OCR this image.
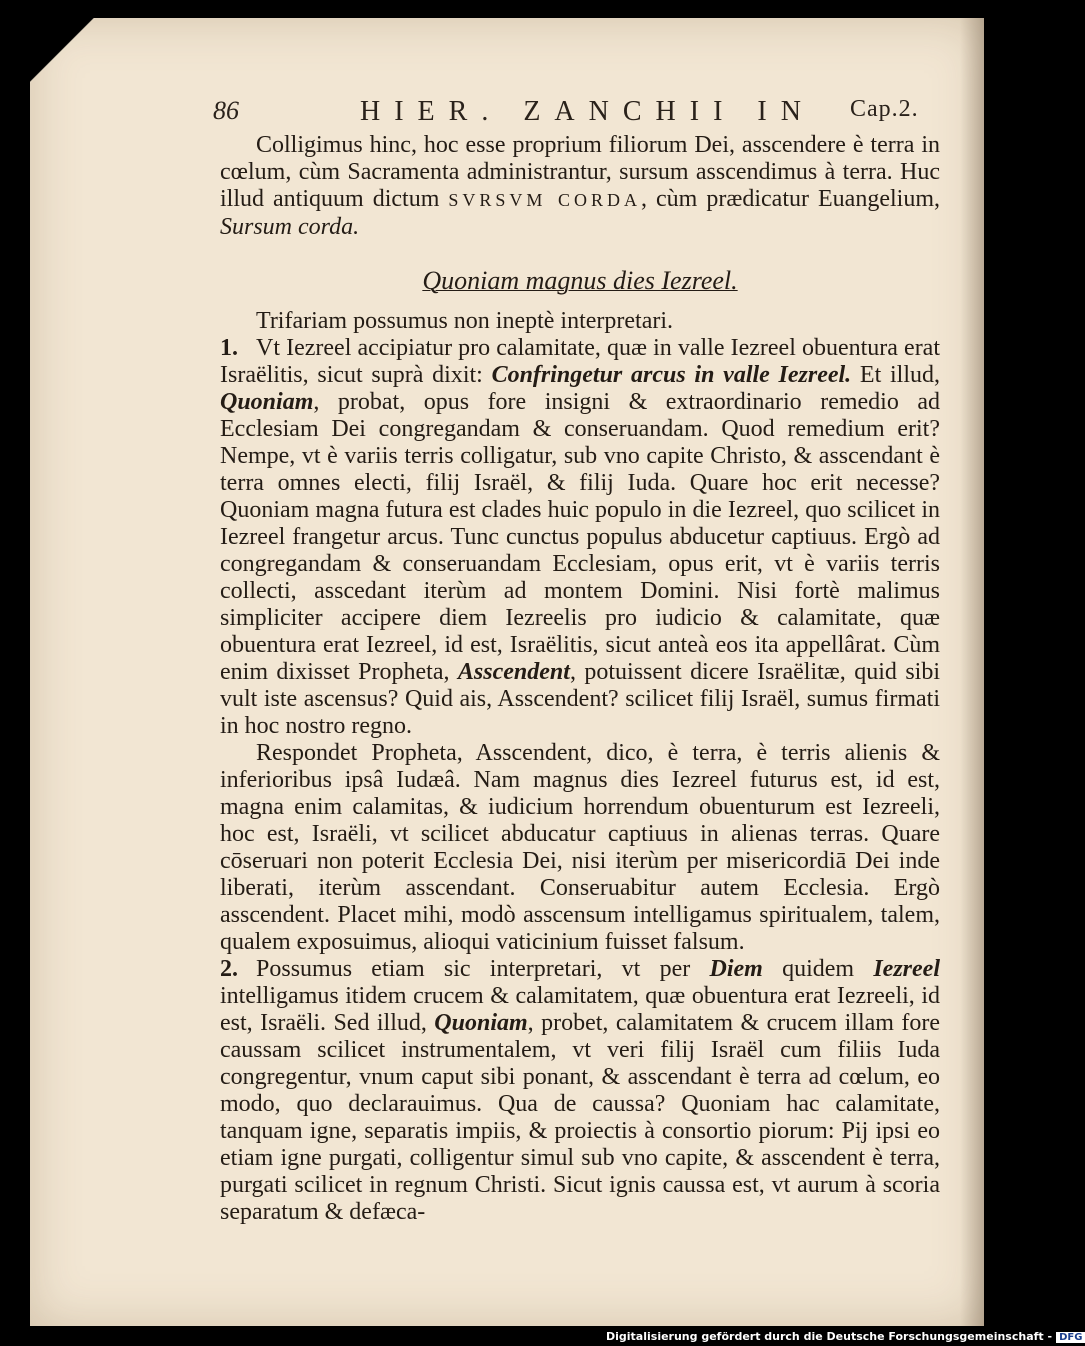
86	HIER. ZANCHII IN Cap.2.

Colligimus hinc, hoc esse proprium filiorum Dei, asscendere è terra in cœlum, cùm Sacramenta administrantur, sursum asscendimus à terra. Huc illud antiquum dictum SVRSVM CORDA, cùm prædicatur Euangelium, Sursum corda.

Quoniam magnus dies Iezreel.

Trifariam possumus non ineptè interpretari.

1. Vt Iezreel accipiatur pro calamitate, quæ in valle Iezreel obuentura erat Israëlitis, sicut suprà dixit: Confringetur arcus in valle Iezreel. Et illud, Quoniam, probat, opus fore insigni & extraordinario remedio ad Ecclesiam Dei congregandam & conseruandam. Quod remedium erit? Nempe, vt è variis terris colligatur, sub vno capite Christo, & asscendant è terra omnes electi, filij Israël, & filij Iuda. Quare hoc erit necesse? Quoniam magna futura est clades huic populo in die Iezreel, quo scilicet in Iezreel frangetur arcus. Tunc cunctus populus abducetur captiuus. Ergò ad congregandam & conseruandam Ecclesiam, opus erit, vt è variis terris collecti, asscedant iterùm ad montem Domini. Nisi fortè malimus simpliciter accipere diem Iezreelis pro iudicio & calamitate, quæ obuentura erat Iezreel, id est, Israëlitis, sicut anteà eos ita appellârat. Cùm enim dixisset Propheta, Asscendent, potuissent dicere Israëlitæ, quid sibi vult iste ascensus? Quid ais, Asscendent? scilicet filij Israël, sumus firmati in hoc nostro regno.

Respondet Propheta, Asscendent, dico, è terra, è terris alienis & inferioribus ipsâ Iudæâ. Nam magnus dies Iezreel futurus est, id est, magna enim calamitas, & iudicium horrendum obuenturum est Iezreeli, hoc est, Israëli, vt scilicet abducatur captiuus in alienas terras. Quare cōseruari non poterit Ecclesia Dei, nisi iterùm per misericordiā Dei inde liberati, iterùm asscendant. Conseruabitur autem Ecclesia. Ergò asscendent. Placet mihi, modò asscensum intelligamus spiritualem, talem, qualem exposuimus, alioqui vaticinium fuisset falsum.

2. Possumus etiam sic interpretari, vt per Diem quidem Iezreel intelligamus itidem crucem & calamitatem, quæ obuentura erat Iezreeli, id est, Israëli. Sed illud, Quoniam, probet, calamitatem & crucem illam fore caussam scilicet instrumentalem, vt veri filij Israël cum filiis Iuda congregentur, vnum caput sibi ponant, & asscendant è terra ad cœlum, eo modo, quo declarauimus. Qua de caussa? Quoniam hac calamitate, tanquam igne, separatis impiis, & proiectis à consortio piorum: Pij ipsi eo etiam igne purgati, colligentur simul sub vno capite, & asscendent è terra, purgati scilicet in regnum Christi. Sicut ignis caussa est, vt aurum à scoria separatum & defæca-

Digitalisierung gefördert durch die Deutsche Forschungsgemeinschaft - DFG
